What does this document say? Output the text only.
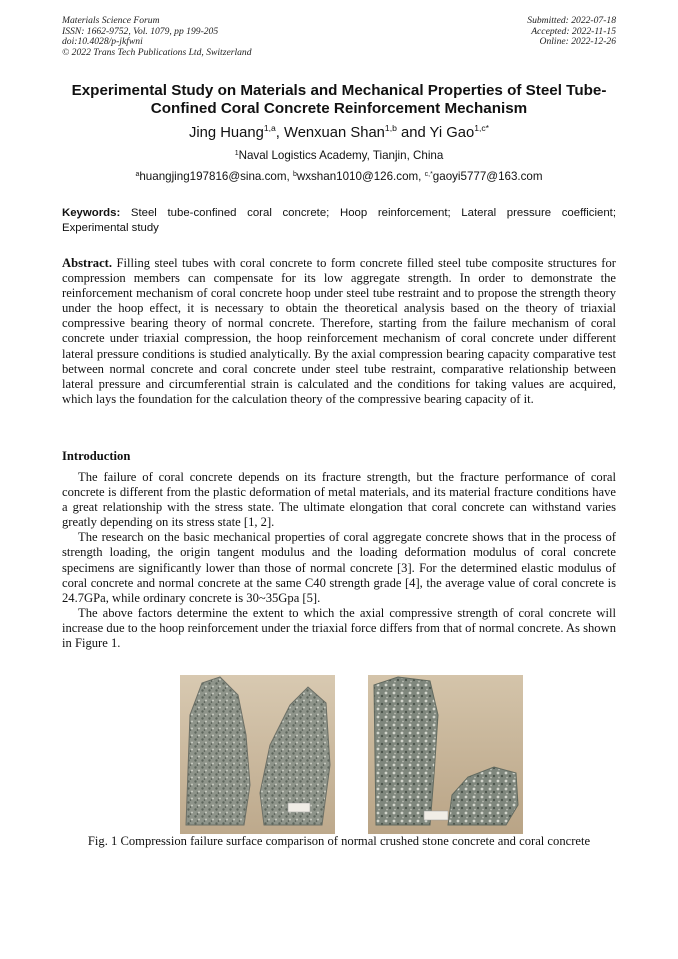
Materials Science Forum
ISSN: 1662-9752, Vol. 1079, pp 199-205
doi:10.4028/p-jkfwni
© 2022 Trans Tech Publications Ltd, Switzerland
Submitted: 2022-07-18
Accepted: 2022-11-15
Online: 2022-12-26
Experimental Study on Materials and Mechanical Properties of Steel Tube-Confined Coral Concrete Reinforcement Mechanism
Jing Huang$^{1,a}$, Wenxuan Shan$^{1,b}$ and Yi Gao$^{1,c*}$
$^1$Naval Logistics Academy, Tianjin, China
$^a$huangjing197816@sina.com, $^b$wxshan1010@126.com, $^{c,*}$gaoyi5777@163.com
Keywords: Steel tube-confined coral concrete; Hoop reinforcement; Lateral pressure coefficient; Experimental study
Abstract. Filling steel tubes with coral concrete to form concrete filled steel tube composite structures for compression members can compensate for its low aggregate strength. In order to demonstrate the reinforcement mechanism of coral concrete hoop under steel tube restraint and to propose the strength theory under the hoop effect, it is necessary to obtain the theoretical analysis based on the theory of triaxial compressive bearing theory of normal concrete. Therefore, starting from the failure mechanism of coral concrete under triaxial compression, the hoop reinforcement mechanism of coral concrete under different lateral pressure conditions is studied analytically. By the axial compression bearing capacity comparative test between normal concrete and coral concrete under steel tube restraint, comparative relationship between lateral pressure and circumferential strain is calculated and the conditions for taking values are acquired, which lays the foundation for the calculation theory of the compressive bearing capacity of it.
Introduction

The failure of coral concrete depends on its fracture strength, but the fracture performance of coral concrete is different from the plastic deformation of metal materials, and its material fracture conditions have a great relationship with the stress state. The ultimate elongation that coral concrete can withstand varies greatly depending on its stress state [1, 2].

The research on the basic mechanical properties of coral aggregate concrete shows that in the process of strength loading, the origin tangent modulus and the loading deformation modulus of coral concrete specimens are significantly lower than those of normal concrete [3]. For the determined elastic modulus of coral concrete and normal concrete at the same C40 strength grade [4], the average value of coral concrete is 24.7GPa, while ordinary concrete is 30~35Gpa [5].

The above factors determine the extent to which the axial compressive strength of coral concrete will increase due to the hoop reinforcement under the triaxial force differs from that of normal concrete. As shown in Figure 1.

Fig. 1 Compression failure surface comparison of normal crushed stone concrete and coral concrete
